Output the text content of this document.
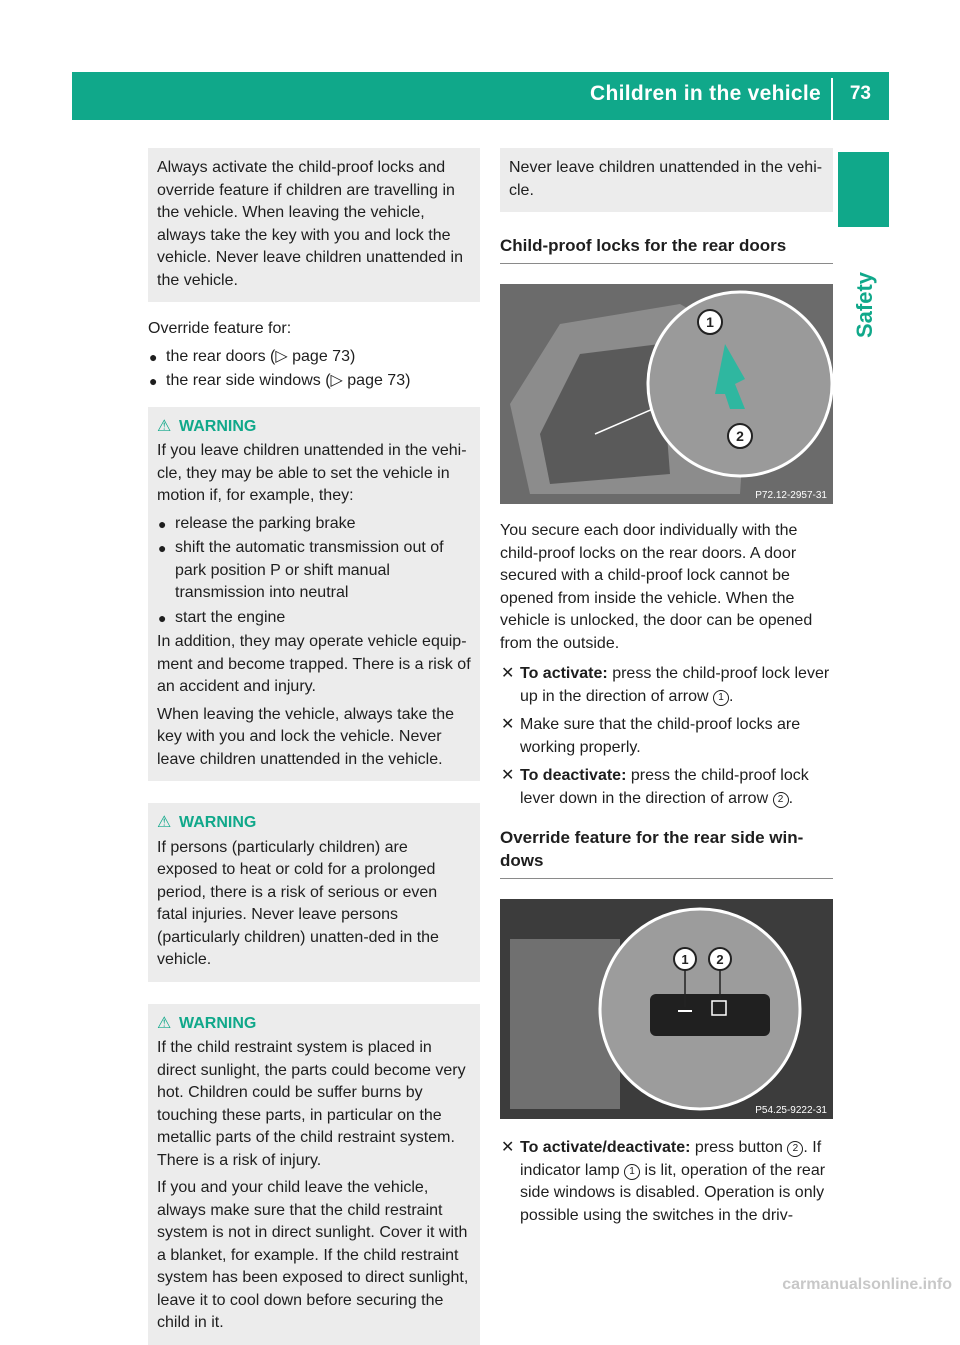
Children in the vehicle 73
Safety

Always activate the child-proof locks and override feature if children are travelling in the vehicle. When leaving the vehicle, always take the key with you and lock the vehicle. Never leave children unattended in the vehicle.

Override feature for:

● the rear doors (▷ page 73)
● the rear side windows (▷ page 73)
⚠ WARNING

If you leave children unattended in the vehi-cle, they may be able to set the vehicle in motion if, for example, they:

● release the parking brake
● shift the automatic transmission out of park position P or shift manual transmission into neutral
● start the engine

In addition, they may operate vehicle equip-ment and become trapped. There is a risk of an accident and injury.

When leaving the vehicle, always take the key with you and lock the vehicle. Never leave children unattended in the vehicle.

⚠ WARNING

If persons (particularly children) are exposed to heat or cold for a prolonged period, there is a risk of serious or even fatal injuries. Never leave persons (particularly children) unatten-ded in the vehicle.

⚠ WARNING

If the child restraint system is placed in direct sunlight, the parts could become very hot. Children could be suffer burns by touching these parts, in particular on the metallic parts of the child restraint system. There is a risk of injury.

If you and your child leave the vehicle, always make sure that the child restraint system is not in direct sunlight. Cover it with a blanket, for example. If the child restraint system has been exposed to direct sunlight, leave it to cool down before securing the child in it.

Never leave children unattended in the vehi-cle.

Child-proof locks for the rear doors
1
2
P72.12-2957-31

You secure each door individually with the child-proof locks on the rear doors. A door secured with a child-proof lock cannot be opened from inside the vehicle. When the vehicle is unlocked, the door can be opened from the outside.

✕ To activate: press the child-proof lock lever up in the direction of arrow 1 .
✕ Make sure that the child-proof locks are working properly.
✕ To deactivate: press the child-proof lock lever down in the direction of arrow 2 .
Override feature for the rear side win-dows
1 2
P54.25-9222-31
✕ To activate/deactivate: press button 2 . If indicator lamp 1 is lit, operation of the rear side windows is disabled. Operation is only possible using the switches in the driv-
carmanualsonline.info
